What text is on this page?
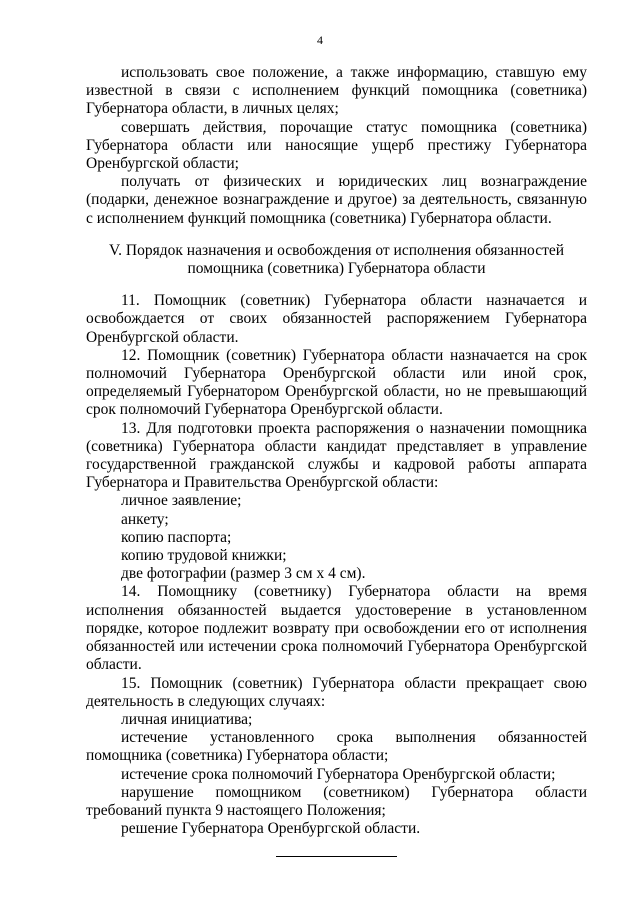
4

использовать свое положение, а также информацию, ставшую ему известной в связи с исполнением функций помощника (советника) Губернатора области, в личных целях;

совершать действия, порочащие статус помощника (советника) Губернатора области или наносящие ущерб престижу Губернатора Оренбургской области;

получать от физических и юридических лиц вознаграждение (подарки, денежное вознаграждение и другое) за деятельность, связанную с исполнением функций помощника (советника) Губернатора области.

V. Порядок назначения и освобождения от исполнения обязанностей
помощника (советника) Губернатора области

11. Помощник (советник) Губернатора области назначается и освобождается от своих обязанностей распоряжением Губернатора Оренбургской области.

12. Помощник (советник) Губернатора области назначается на срок полномочий Губернатора Оренбургской области или иной срок, определяемый Губернатором Оренбургской области, но не превышающий срок полномочий Губернатора Оренбургской области.

13. Для подготовки проекта распоряжения о назначении помощника (советника) Губернатора области кандидат представляет в управление государственной гражданской службы и кадровой работы аппарата Губернатора и Правительства Оренбургской области:

личное заявление;

анкету;

копию паспорта;

копию трудовой книжки;

две фотографии (размер 3 см х 4 см).

14. Помощнику (советнику) Губернатора области на время исполнения обязанностей выдается удостоверение в установленном порядке, которое подлежит возврату при освобождении его от исполнения обязанностей или истечении срока полномочий Губернатора Оренбургской области.

15. Помощник (советник) Губернатора области прекращает свою деятельность в следующих случаях:

личная инициатива;

истечение установленного срока выполнения обязанностей помощника (советника) Губернатора области;

истечение срока полномочий Губернатора Оренбургской области;

нарушение помощником (советником) Губернатора области требований пункта 9 настоящего Положения;

решение Губернатора Оренбургской области.
